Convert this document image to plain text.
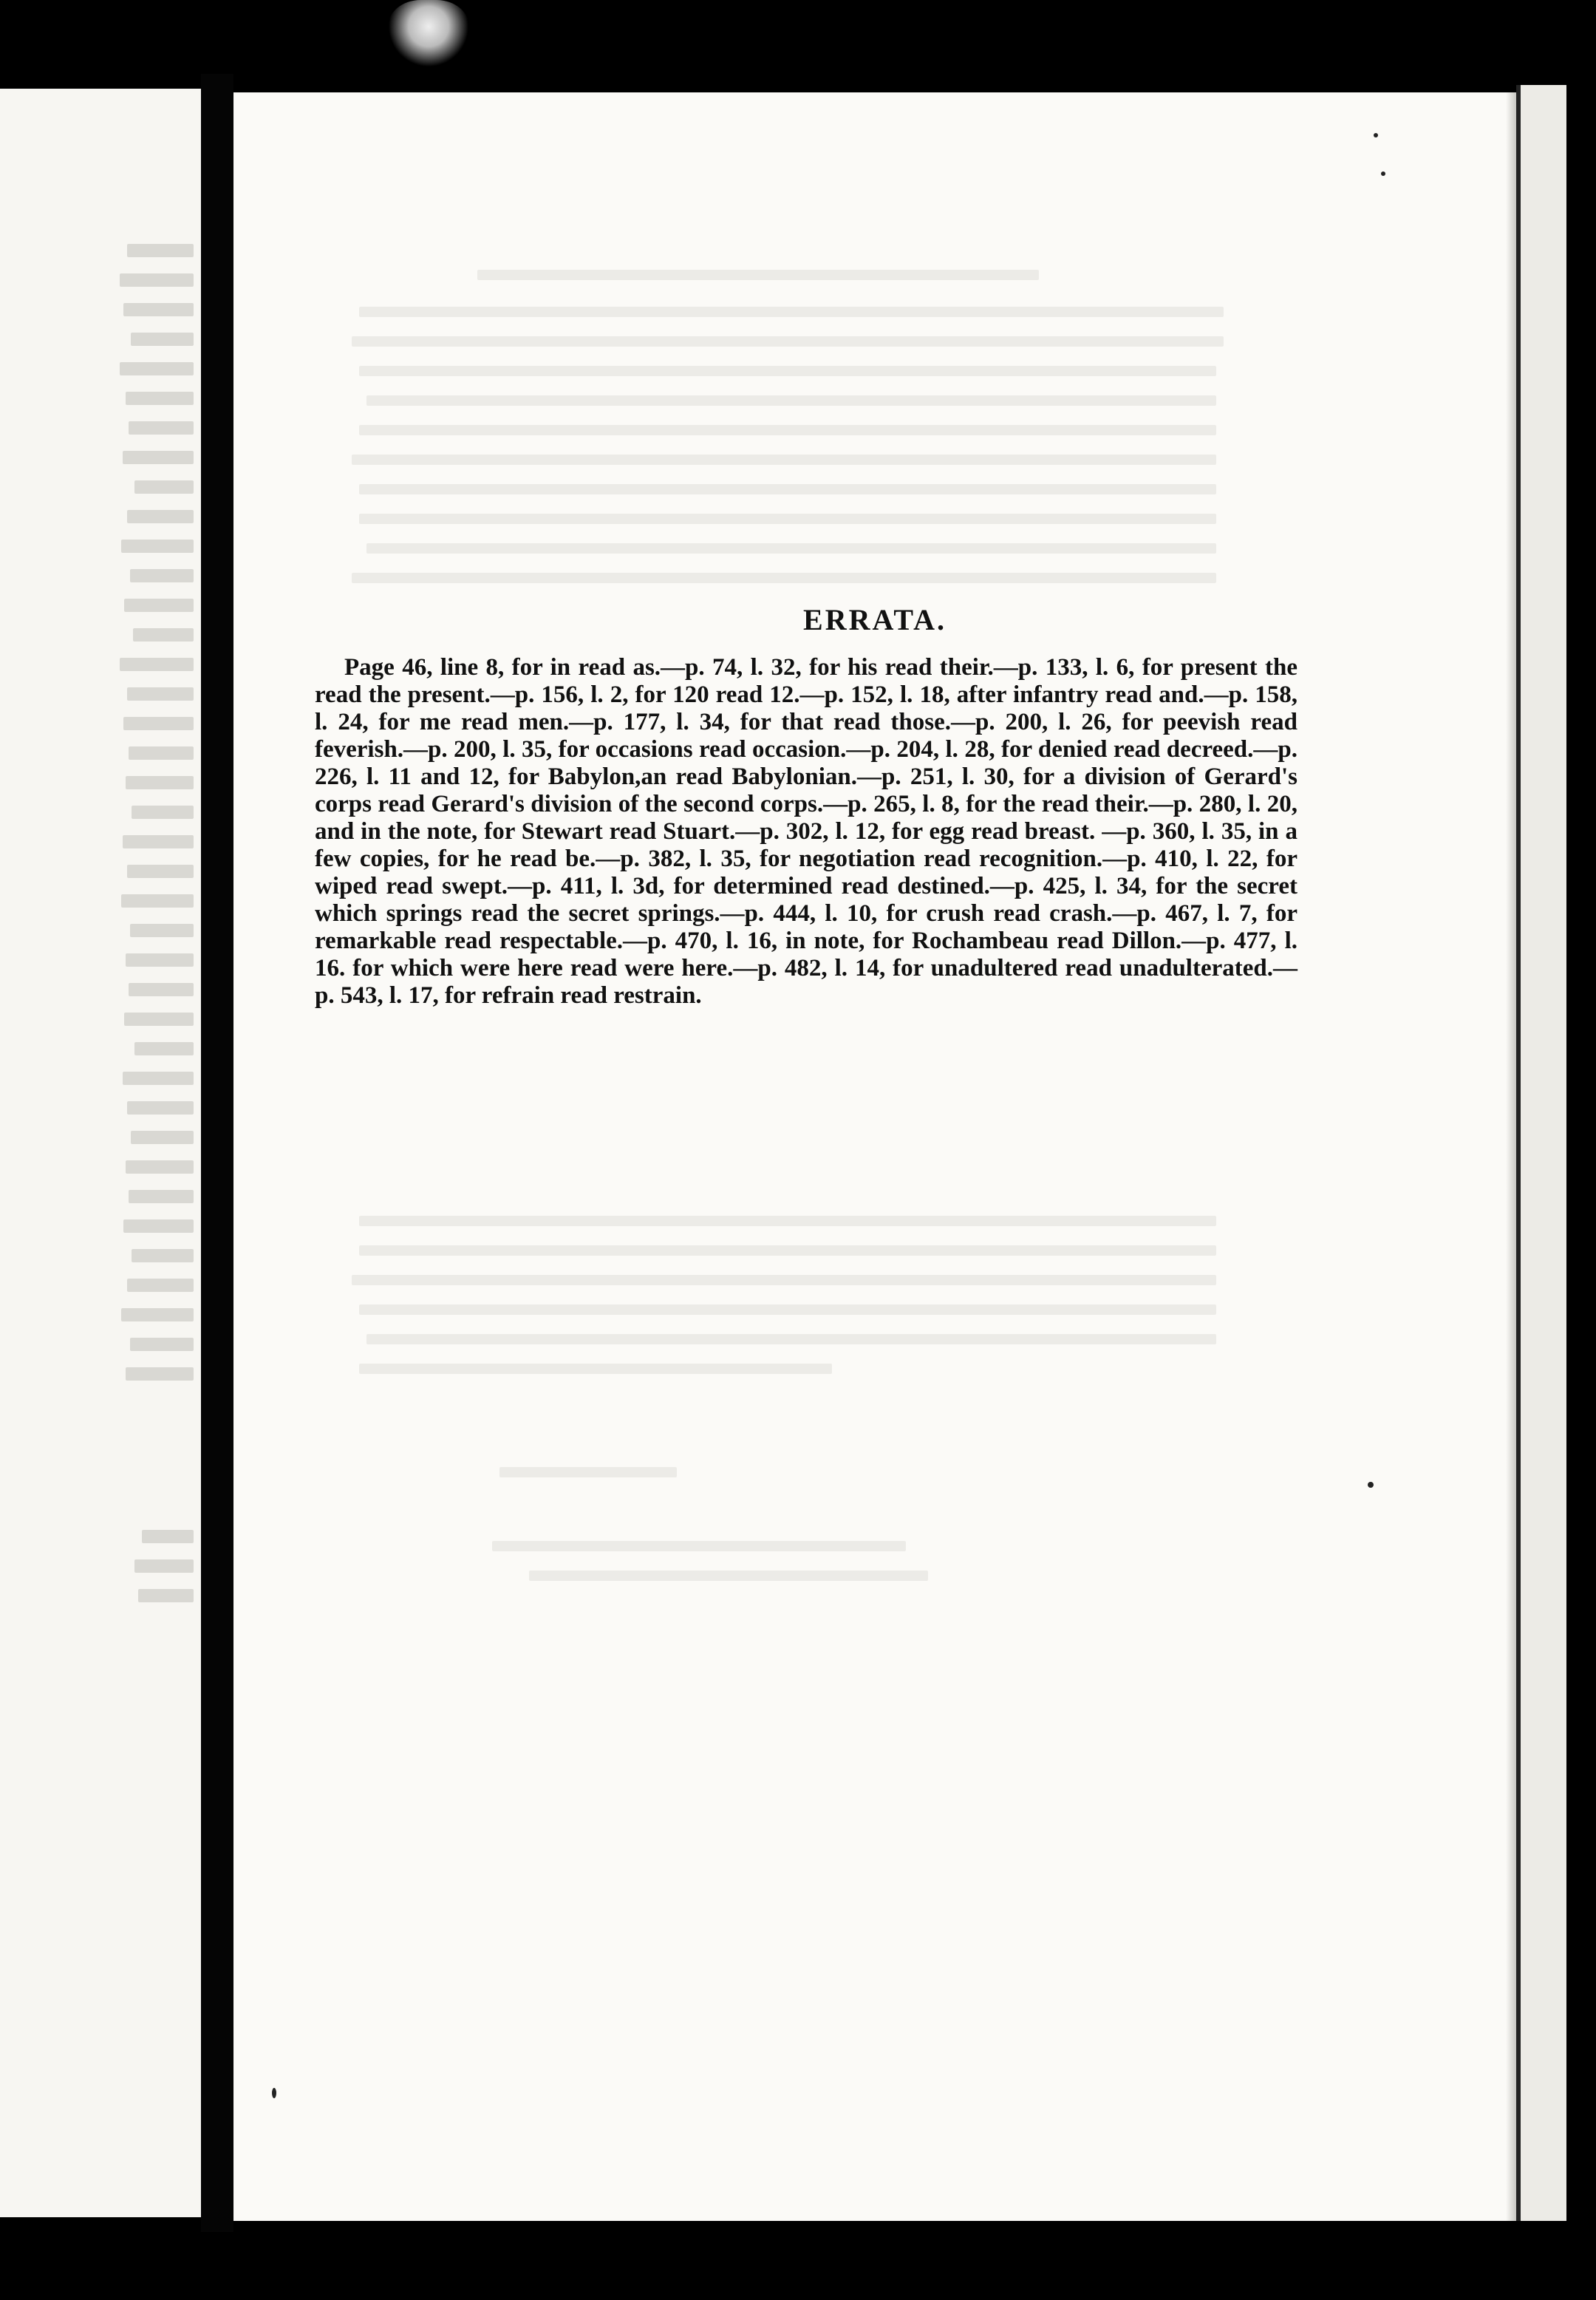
ERRATA.

Page 46, line 8, for in read as.—p. 74, l. 32, for his read their.—p. 133, l. 6, for present the read the present.—p. 156, l. 2, for 120 read 12.—p. 152, l. 18, after infantry read and.—p. 158, l. 24, for me read men.—p. 177, l. 34, for that read those.—p. 200, l. 26, for peevish read feverish.—p. 200, l. 35, for occasions read occasion.—p. 204, l. 28, for denied read decreed.—p. 226, l. 11 and 12, for Babylon,an read Babylonian.—p. 251, l. 30, for a division of Gerard's corps read Gerard's division of the second corps.—p. 265, l. 8, for the read their.—p. 280, l. 20, and in the note, for Stewart read Stuart.—p. 302, l. 12, for egg read breast. —p. 360, l. 35, in a few copies, for he read be.—p. 382, l. 35, for negotiation read recognition.—p. 410, l. 22, for wiped read swept.—p. 411, l. 3d, for determined read destined.—p. 425, l. 34, for the secret which springs read the secret springs.—p. 444, l. 10, for crush read crash.—p. 467, l. 7, for remarkable read respectable.—p. 470, l. 16, in note, for Rochambeau read Dillon.—p. 477, l. 16. for which were here read were here.—p. 482, l. 14, for unadultered read unadulterated.—p. 543, l. 17, for refrain read restrain.
